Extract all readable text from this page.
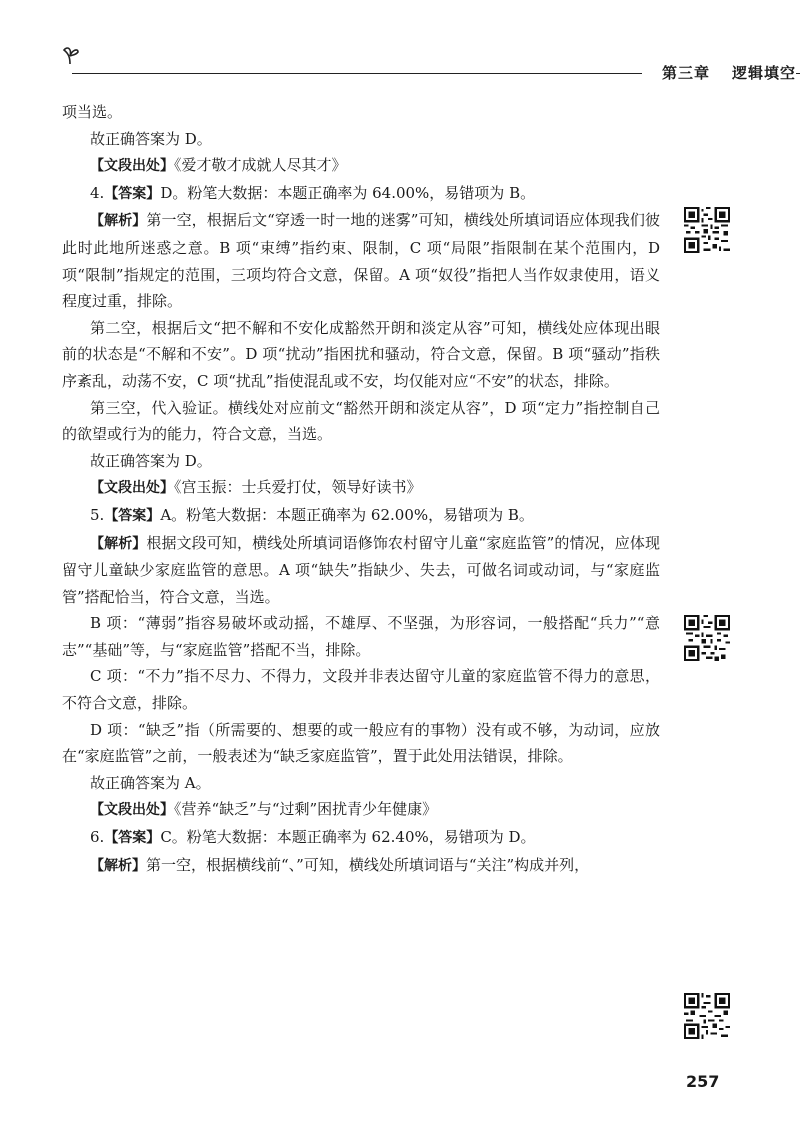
第三章 逻辑填空

项当选。

故正确答案为 D。

【文段出处】《爱才敬才成就人尽其才》

4.【答案】D。粉笔大数据：本题正确率为 64.00%，易错项为 B。

【解析】第一空，根据后文“穿透一时一地的迷雾”可知，横线处所填词语应体现我们彼此时此地所迷惑之意。B 项“束缚”指约束、限制，C 项“局限”指限制在某个范围内，D 项“限制”指规定的范围，三项均符合文意，保留。A 项“奴役”指把人当作奴隶使用，语义程度过重，排除。

第二空，根据后文“把不解和不安化成豁然开朗和淡定从容”可知，横线处应体现出眼前的状态是“不解和不安”。D 项“扰动”指困扰和骚动，符合文意，保留。B 项“骚动”指秩序紊乱，动荡不安，C 项“扰乱”指使混乱或不安，均仅能对应“不安”的状态，排除。

第三空，代入验证。横线处对应前文“豁然开朗和淡定从容”，D 项“定力”指控制自己的欲望或行为的能力，符合文意，当选。

故正确答案为 D。

【文段出处】《宫玉振：士兵爱打仗，领导好读书》

5.【答案】A。粉笔大数据：本题正确率为 62.00%，易错项为 B。

【解析】根据文段可知，横线处所填词语修饰农村留守儿童“家庭监管”的情况，应体现留守儿童缺少家庭监管的意思。A 项“缺失”指缺少、失去，可做名词或动词，与“家庭监管”搭配恰当，符合文意，当选。

B 项：“薄弱”指容易破坏或动摇，不雄厚、不坚强，为形容词，一般搭配“兵力”“意志”“基础”等，与“家庭监管”搭配不当，排除。

C 项：“不力”指不尽力、不得力，文段并非表达留守儿童的家庭监管不得力的意思，不符合文意，排除。

D 项：“缺乏”指（所需要的、想要的或一般应有的事物）没有或不够，为动词，应放在“家庭监管”之前，一般表述为“缺乏家庭监管”，置于此处用法错误，排除。

故正确答案为 A。

【文段出处】《营养“缺乏”与“过剩”困扰青少年健康》

6.【答案】C。粉笔大数据：本题正确率为 62.40%，易错项为 D。

【解析】第一空，根据横线前“、”可知，横线处所填词语与“关注”构成并列，

257
